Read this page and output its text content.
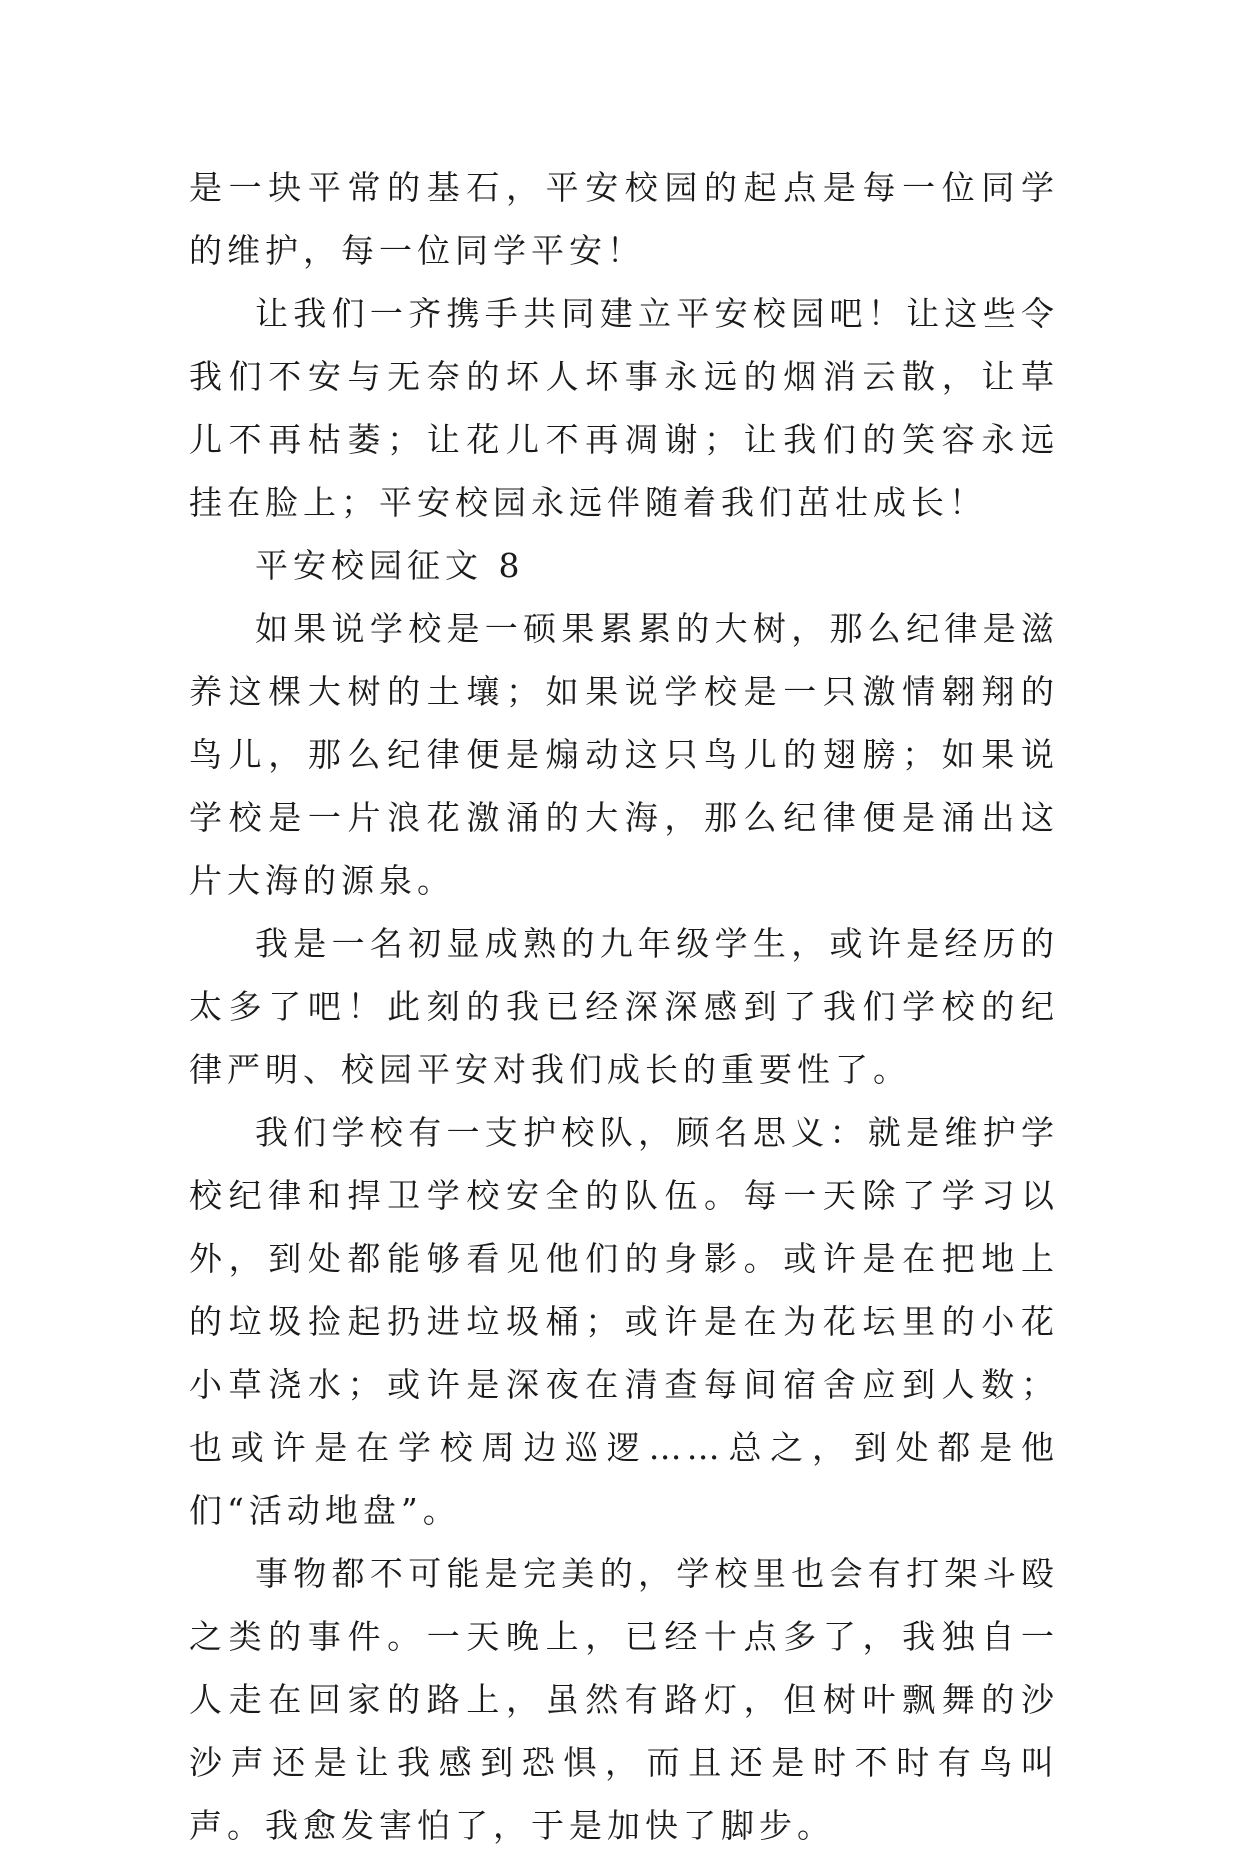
是一块平常的基石，平安校园的起点是每一位同学的维护，每一位同学平安！

让我们一齐携手共同建立平安校园吧！让这些令我们不安与无奈的坏人坏事永远的烟消云散，让草儿不再枯萎；让花儿不再凋谢；让我们的笑容永远挂在脸上；平安校园永远伴随着我们茁壮成长！

平安校园征文 8

如果说学校是一硕果累累的大树，那么纪律是滋养这棵大树的土壤；如果说学校是一只激情翱翔的鸟儿，那么纪律便是煽动这只鸟儿的翅膀；如果说学校是一片浪花激涌的大海，那么纪律便是涌出这片大海的源泉。

我是一名初显成熟的九年级学生，或许是经历的太多了吧！此刻的我已经深深感到了我们学校的纪律严明、校园平安对我们成长的重要性了。

我们学校有一支护校队，顾名思义：就是维护学校纪律和捍卫学校安全的队伍。每一天除了学习以外，到处都能够看见他们的身影。或许是在把地上的垃圾捡起扔进垃圾桶；或许是在为花坛里的小花小草浇水；或许是深夜在清查每间宿舍应到人数；也或许是在学校周边巡逻……总之，到处都是他们“活动地盘”。

事物都不可能是完美的，学校里也会有打架斗殴之类的事件。一天晚上，已经十点多了，我独自一人走在回家的路上，虽然有路灯，但树叶飘舞的沙沙声还是让我感到恐惧，而且还是时不时有鸟叫声。我愈发害怕了，于是加快了脚步。
